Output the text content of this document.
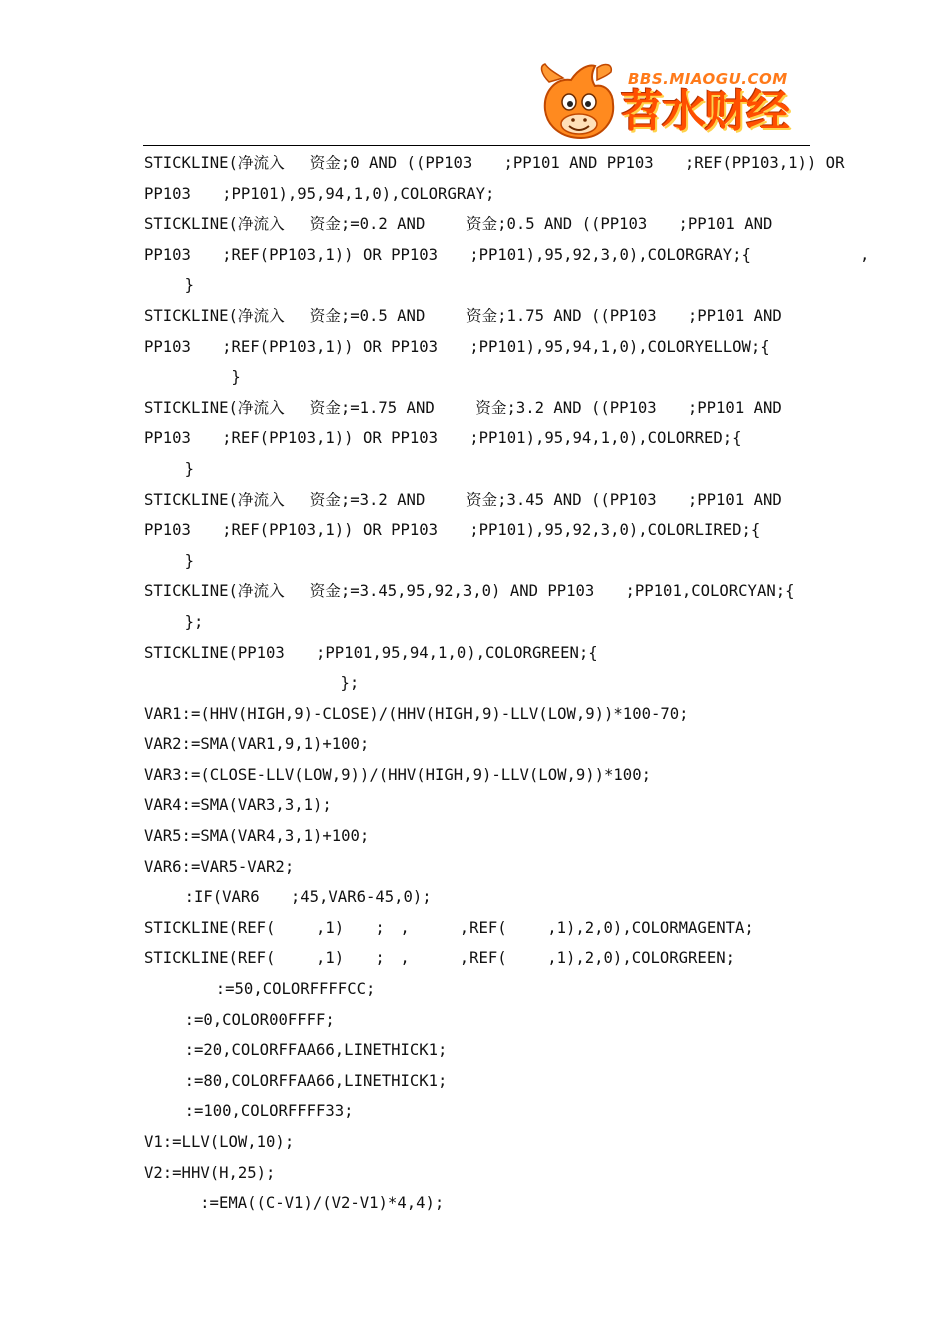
BBS.MIAOGU.COM
苕水财经
STICKLINE(净流入　 资金;0 AND ((PP103　　;PP101 AND PP103　　;REF(PP103,1)) OR
PP103　　;PP101),95,94,1,0),COLORGRAY;
STICKLINE(净流入　 资金;=0.2 AND　　 资金;0.5 AND ((PP103　　;PP101 AND
PP103　　;REF(PP103,1)) OR PP103　　;PP101),95,92,3,0),COLORGRAY;{　　　　　　　,
　　 }
STICKLINE(净流入　 资金;=0.5 AND　　 资金;1.75 AND ((PP103　　;PP101 AND
PP103　　;REF(PP103,1)) OR PP103　　;PP101),95,94,1,0),COLORYELLOW;{　　
　　　　　 }
STICKLINE(净流入　 资金;=1.75 AND　　 资金;3.2 AND ((PP103　　;PP101 AND
PP103　　;REF(PP103,1)) OR PP103　　;PP101),95,94,1,0),COLORRED;{
　　 }
STICKLINE(净流入　 资金;=3.2 AND　　 资金;3.45 AND ((PP103　　;PP101 AND
PP103　　;REF(PP103,1)) OR PP103　　;PP101),95,92,3,0),COLORLIRED;{
　　 }
STICKLINE(净流入　 资金;=3.45,95,92,3,0) AND PP103　　;PP101,COLORCYAN;{　　
　　 };
STICKLINE(PP103　　;PP101,95,94,1,0),COLORGREEN;{　　　　　　　　
　　　　　　　　　　　　 };
VAR1:=(HHV(HIGH,9)-CLOSE)/(HHV(HIGH,9)-LLV(LOW,9))*100-70;
VAR2:=SMA(VAR1,9,1)+100;
VAR3:=(CLOSE-LLV(LOW,9))/(HHV(HIGH,9)-LLV(LOW,9))*100;
VAR4:=SMA(VAR3,3,1);
VAR5:=SMA(VAR4,3,1)+100;
VAR6:=VAR5-VAR2;
　　 :IF(VAR6　　;45,VAR6-45,0);
STICKLINE(REF(　　 ,1)　　;　, 　　 ,REF(　　 ,1),2,0),COLORMAGENTA;
STICKLINE(REF(　　 ,1)　　;　, 　　 ,REF(　　 ,1),2,0),COLORGREEN;
　　　　 :=50,COLORFFFFCC;
　　 :=0,COLOR00FFFF;
　　 :=20,COLORFFAA66,LINETHICK1;
　　 :=80,COLORFFAA66,LINETHICK1;
　　 :=100,COLORFFFF33;
V1:=LLV(LOW,10);
V2:=HHV(H,25);
　　　 :=EMA((C-V1)/(V2-V1)*4,4);
